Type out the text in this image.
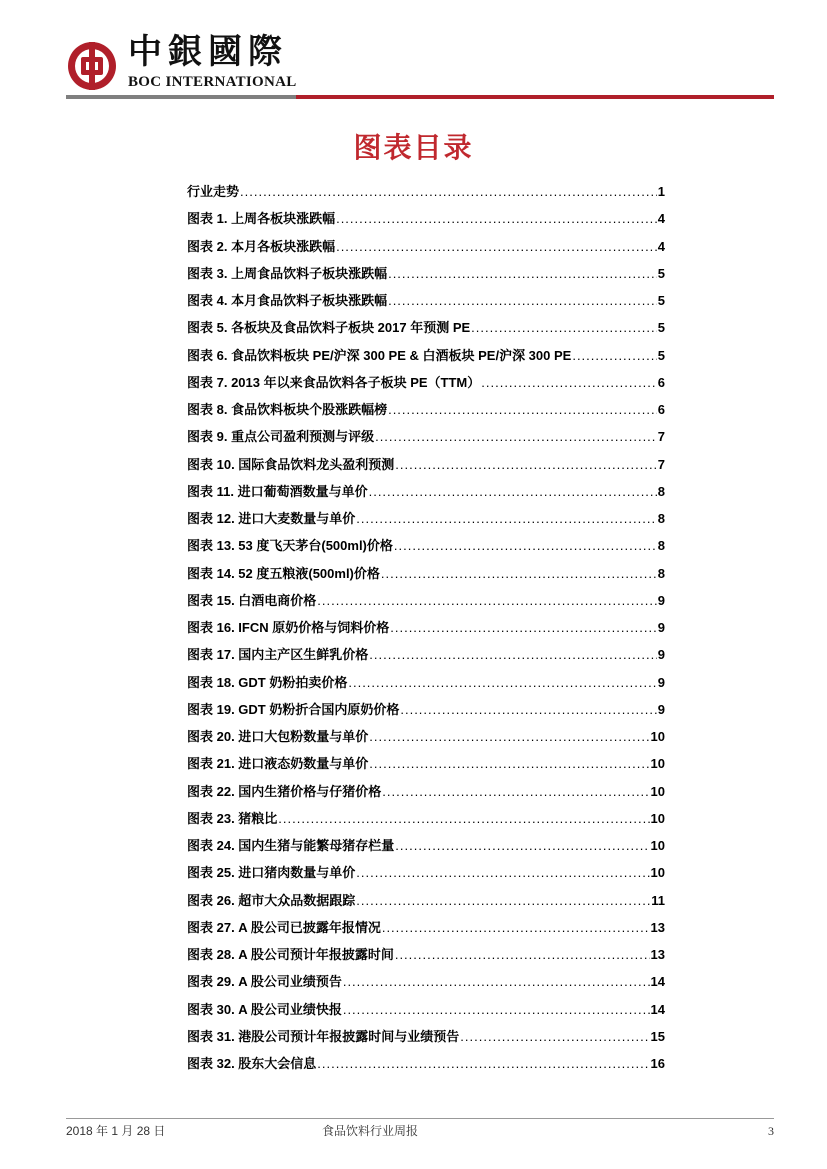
中銀國際
BOC INTERNATIONAL
图表目录
行业走势 .....	1
图表 1. 上周各板块涨跌幅 .....	4
图表 2. 本月各板块涨跌幅 .....	4
图表 3. 上周食品饮料子板块涨跌幅 .....	5
图表 4. 本月食品饮料子板块涨跌幅 .....	5
图表 5. 各板块及食品饮料子板块 2017 年预测 PE .....	5
图表 6. 食品饮料板块 PE/沪深 300 PE & 白酒板块 PE/沪深 300 PE .....	5
图表 7. 2013 年以来食品饮料各子板块 PE（TTM） .....	6
图表 8. 食品饮料板块个股涨跌幅榜 .....	6
图表 9. 重点公司盈利预测与评级 .....	7
图表 10. 国际食品饮料龙头盈利预测 .....	7
图表 11. 进口葡萄酒数量与单价 .....	8
图表 12. 进口大麦数量与单价 .....	8
图表 13. 53 度飞天茅台(500ml)价格 .....	8
图表 14. 52 度五粮液(500ml)价格 .....	8
图表 15. 白酒电商价格 .....	9
图表 16. IFCN 原奶价格与饲料价格 .....	9
图表 17. 国内主产区生鲜乳价格 .....	9
图表 18. GDT 奶粉拍卖价格 .....	9
图表 19. GDT 奶粉折合国内原奶价格 .....	9
图表 20. 进口大包粉数量与单价 .....	10
图表 21. 进口液态奶数量与单价 .....	10
图表 22. 国内生猪价格与仔猪价格 .....	10
图表 23. 猪粮比 .....	10
图表 24. 国内生猪与能繁母猪存栏量 .....	10
图表 25. 进口猪肉数量与单价 .....	10
图表 26. 超市大众品数据跟踪 .....	11
图表 27. A 股公司已披露年报情况 .....	13
图表 28. A 股公司预计年报披露时间 .....	13
图表 29. A 股公司业绩预告 .....	14
图表 30. A 股公司业绩快报 .....	14
图表 31. 港股公司预计年报披露时间与业绩预告 .....	15
图表 32. 股东大会信息 .....	16
2018 年 1 月 28 日	食品饮料行业周报	3
